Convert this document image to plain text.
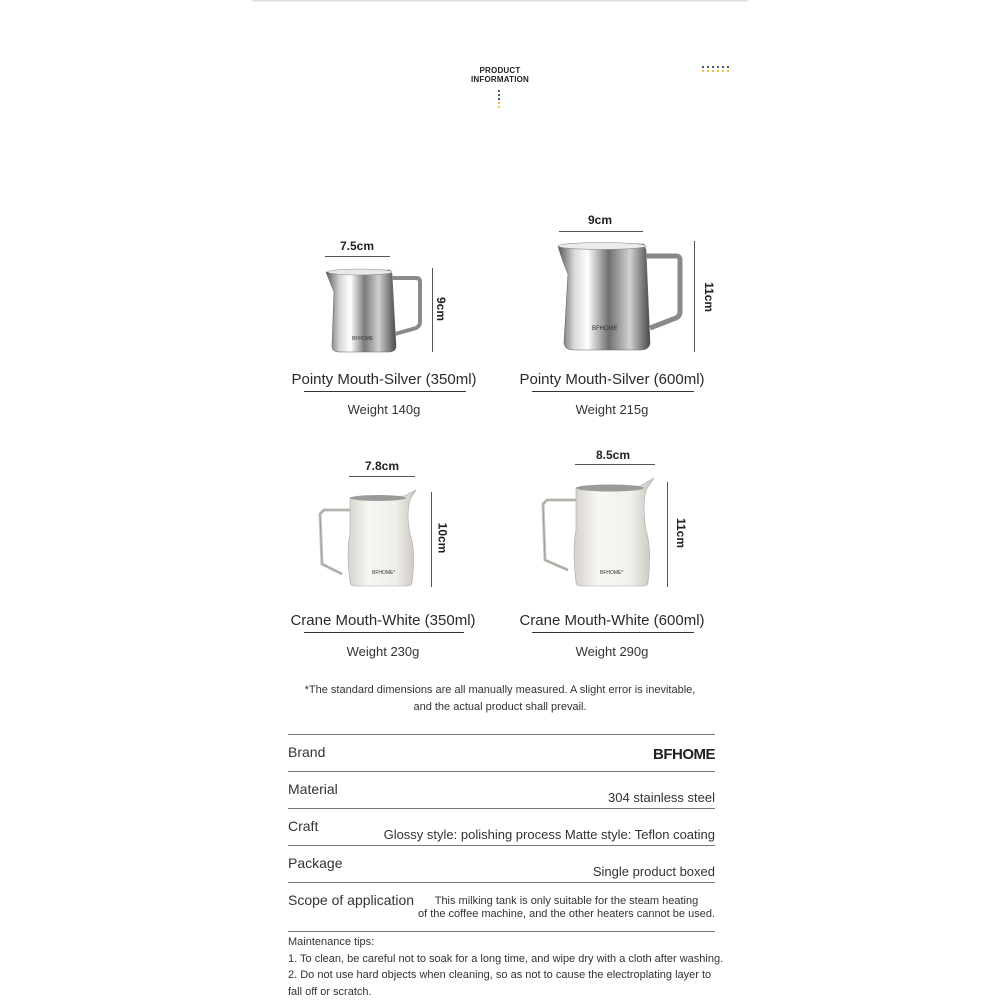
PRODUCT
INFORMATION
7.5cm
BFHOME
9cm
Pointy Mouth-Silver (350ml)
Weight 140g
9cm
BFHOME
11cm
Pointy Mouth-Silver (600ml)
Weight 215g
7.8cm
BFHOME°
10cm
Crane Mouth-White (350ml)
Weight 230g
8.5cm
BFHOME°
11cm
Crane Mouth-White (600ml)
Weight 290g
*The standard dimensions are all manually measured. A slight error is inevitable,
and the actual product shall prevail.
Brand	BFHOME
Material
304 stainless steel
Craft
Glossy style: polishing process Matte style: Teflon coating
Package
Single product boxed
Scope of application	This milking tank is only suitable for the steam heating
of the coffee machine, and the other heaters cannot be used.
Maintenance tips:
1. To clean, be careful not to soak for a long time, and wipe dry with a cloth after washing.
2. Do not use hard objects when cleaning, so as not to cause the electroplating layer to fall off or scratch.
